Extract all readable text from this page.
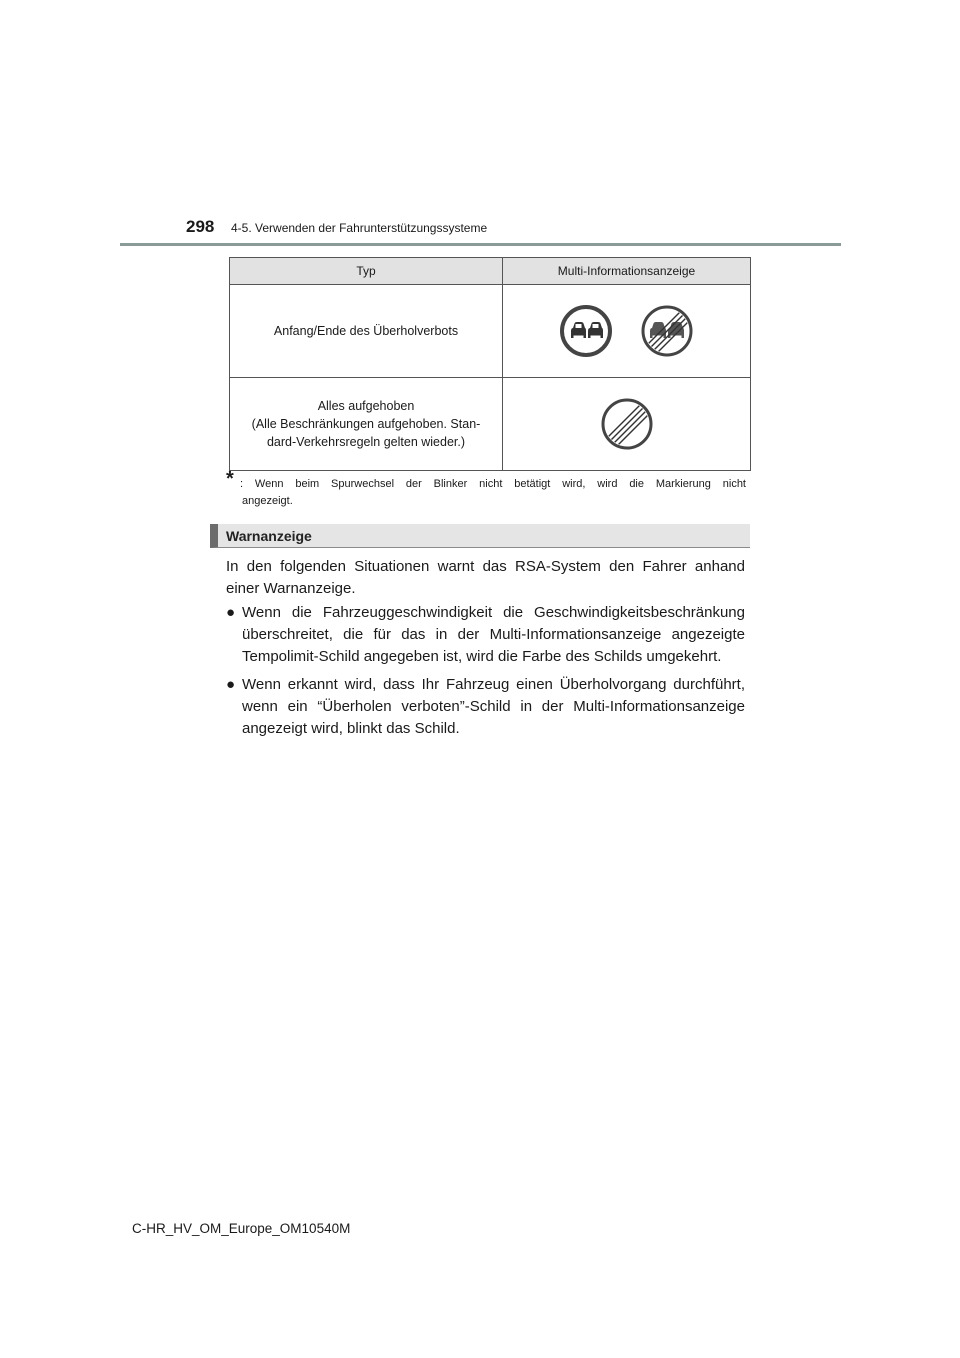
298 4-5. Verwenden der Fahrunterstützungssysteme
Typ	Multi-Informationsanzeige

Anfang/Ende des Überholverbots

Alles aufgehoben
(Alle Beschränkungen aufgehoben. Stan-
dard-Verkehrsregeln gelten wieder.)

* : Wenn beim Spurwechsel der Blinker nicht betätigt wird, wird die Markierung nicht
angezeigt.
Warnanzeige
In den folgenden Situationen warnt das RSA-System den Fahrer anhand
einer Warnanzeige.
● Wenn die Fahrzeuggeschwindigkeit die Geschwindigkeitsbeschränkung
überschreitet, die für das in der Multi-Informationsanzeige angezeigte
Tempolimit-Schild angegeben ist, wird die Farbe des Schilds umgekehrt.
● Wenn erkannt wird, dass Ihr Fahrzeug einen Überholvorgang durchführt,
wenn ein “Überholen verboten”-Schild in der Multi-Informationsanzeige
angezeigt wird, blinkt das Schild.
C-HR_HV_OM_Europe_OM10540M
